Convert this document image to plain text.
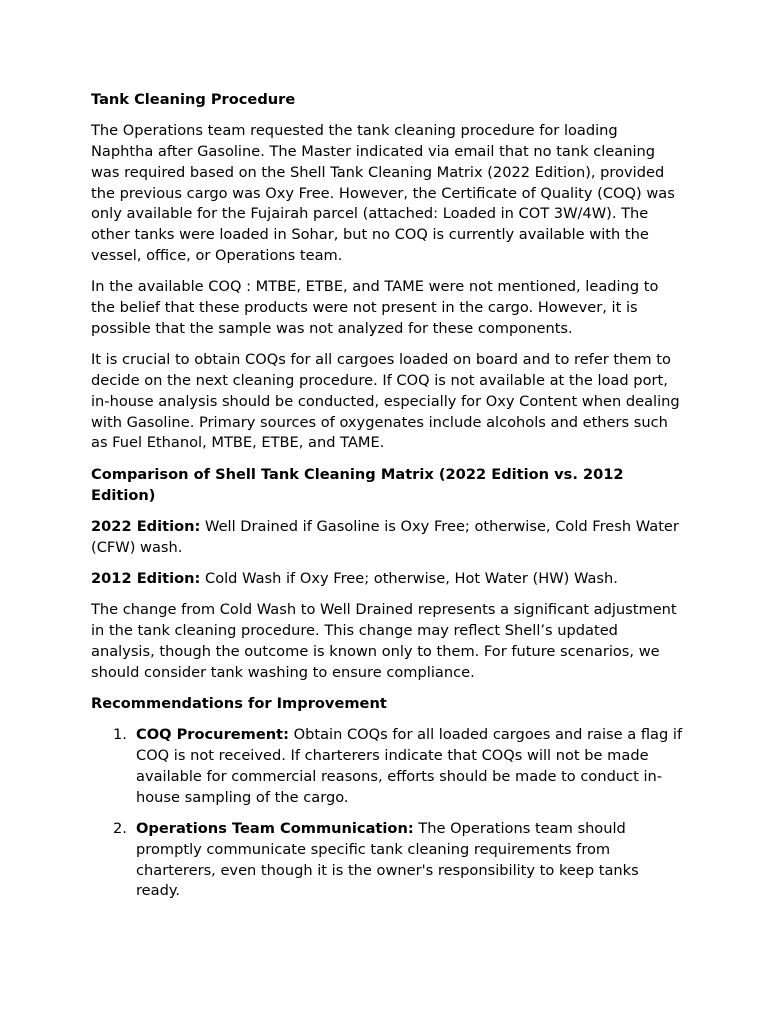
Tank Cleaning Procedure

The Operations team requested the tank cleaning procedure for loading Naphtha after Gasoline. The Master indicated via email that no tank cleaning was required based on the Shell Tank Cleaning Matrix (2022 Edition), provided the previous cargo was Oxy Free. However, the Certificate of Quality (COQ) was only available for the Fujairah parcel (attached: Loaded in COT 3W/4W). The other tanks were loaded in Sohar, but no COQ is currently available with the vessel, office, or Operations team.

In the available COQ : MTBE, ETBE, and TAME were not mentioned, leading to the belief that these products were not present in the cargo. However, it is possible that the sample was not analyzed for these components.

It is crucial to obtain COQs for all cargoes loaded on board and to refer them to decide on the next cleaning procedure. If COQ is not available at the load port, in-house analysis should be conducted, especially for Oxy Content when dealing with Gasoline. Primary sources of oxygenates include alcohols and ethers such as Fuel Ethanol, MTBE, ETBE, and TAME.

Comparison of Shell Tank Cleaning Matrix (2022 Edition vs. 2012 Edition)

2022 Edition: Well Drained if Gasoline is Oxy Free; otherwise, Cold Fresh Water (CFW) wash.

2012 Edition: Cold Wash if Oxy Free; otherwise, Hot Water (HW) Wash.

The change from Cold Wash to Well Drained represents a significant adjustment in the tank cleaning procedure. This change may reflect Shell’s updated analysis, though the outcome is known only to them. For future scenarios, we should consider tank washing to ensure compliance.

Recommendations for Improvement
1. COQ Procurement: Obtain COQs for all loaded cargoes and raise a flag if COQ is not received. If charterers indicate that COQs will not be made available for commercial reasons, efforts should be made to conduct in-house sampling of the cargo.
2. Operations Team Communication: The Operations team should promptly communicate specific tank cleaning requirements from charterers, even though it is the owner's responsibility to keep tanks ready.
